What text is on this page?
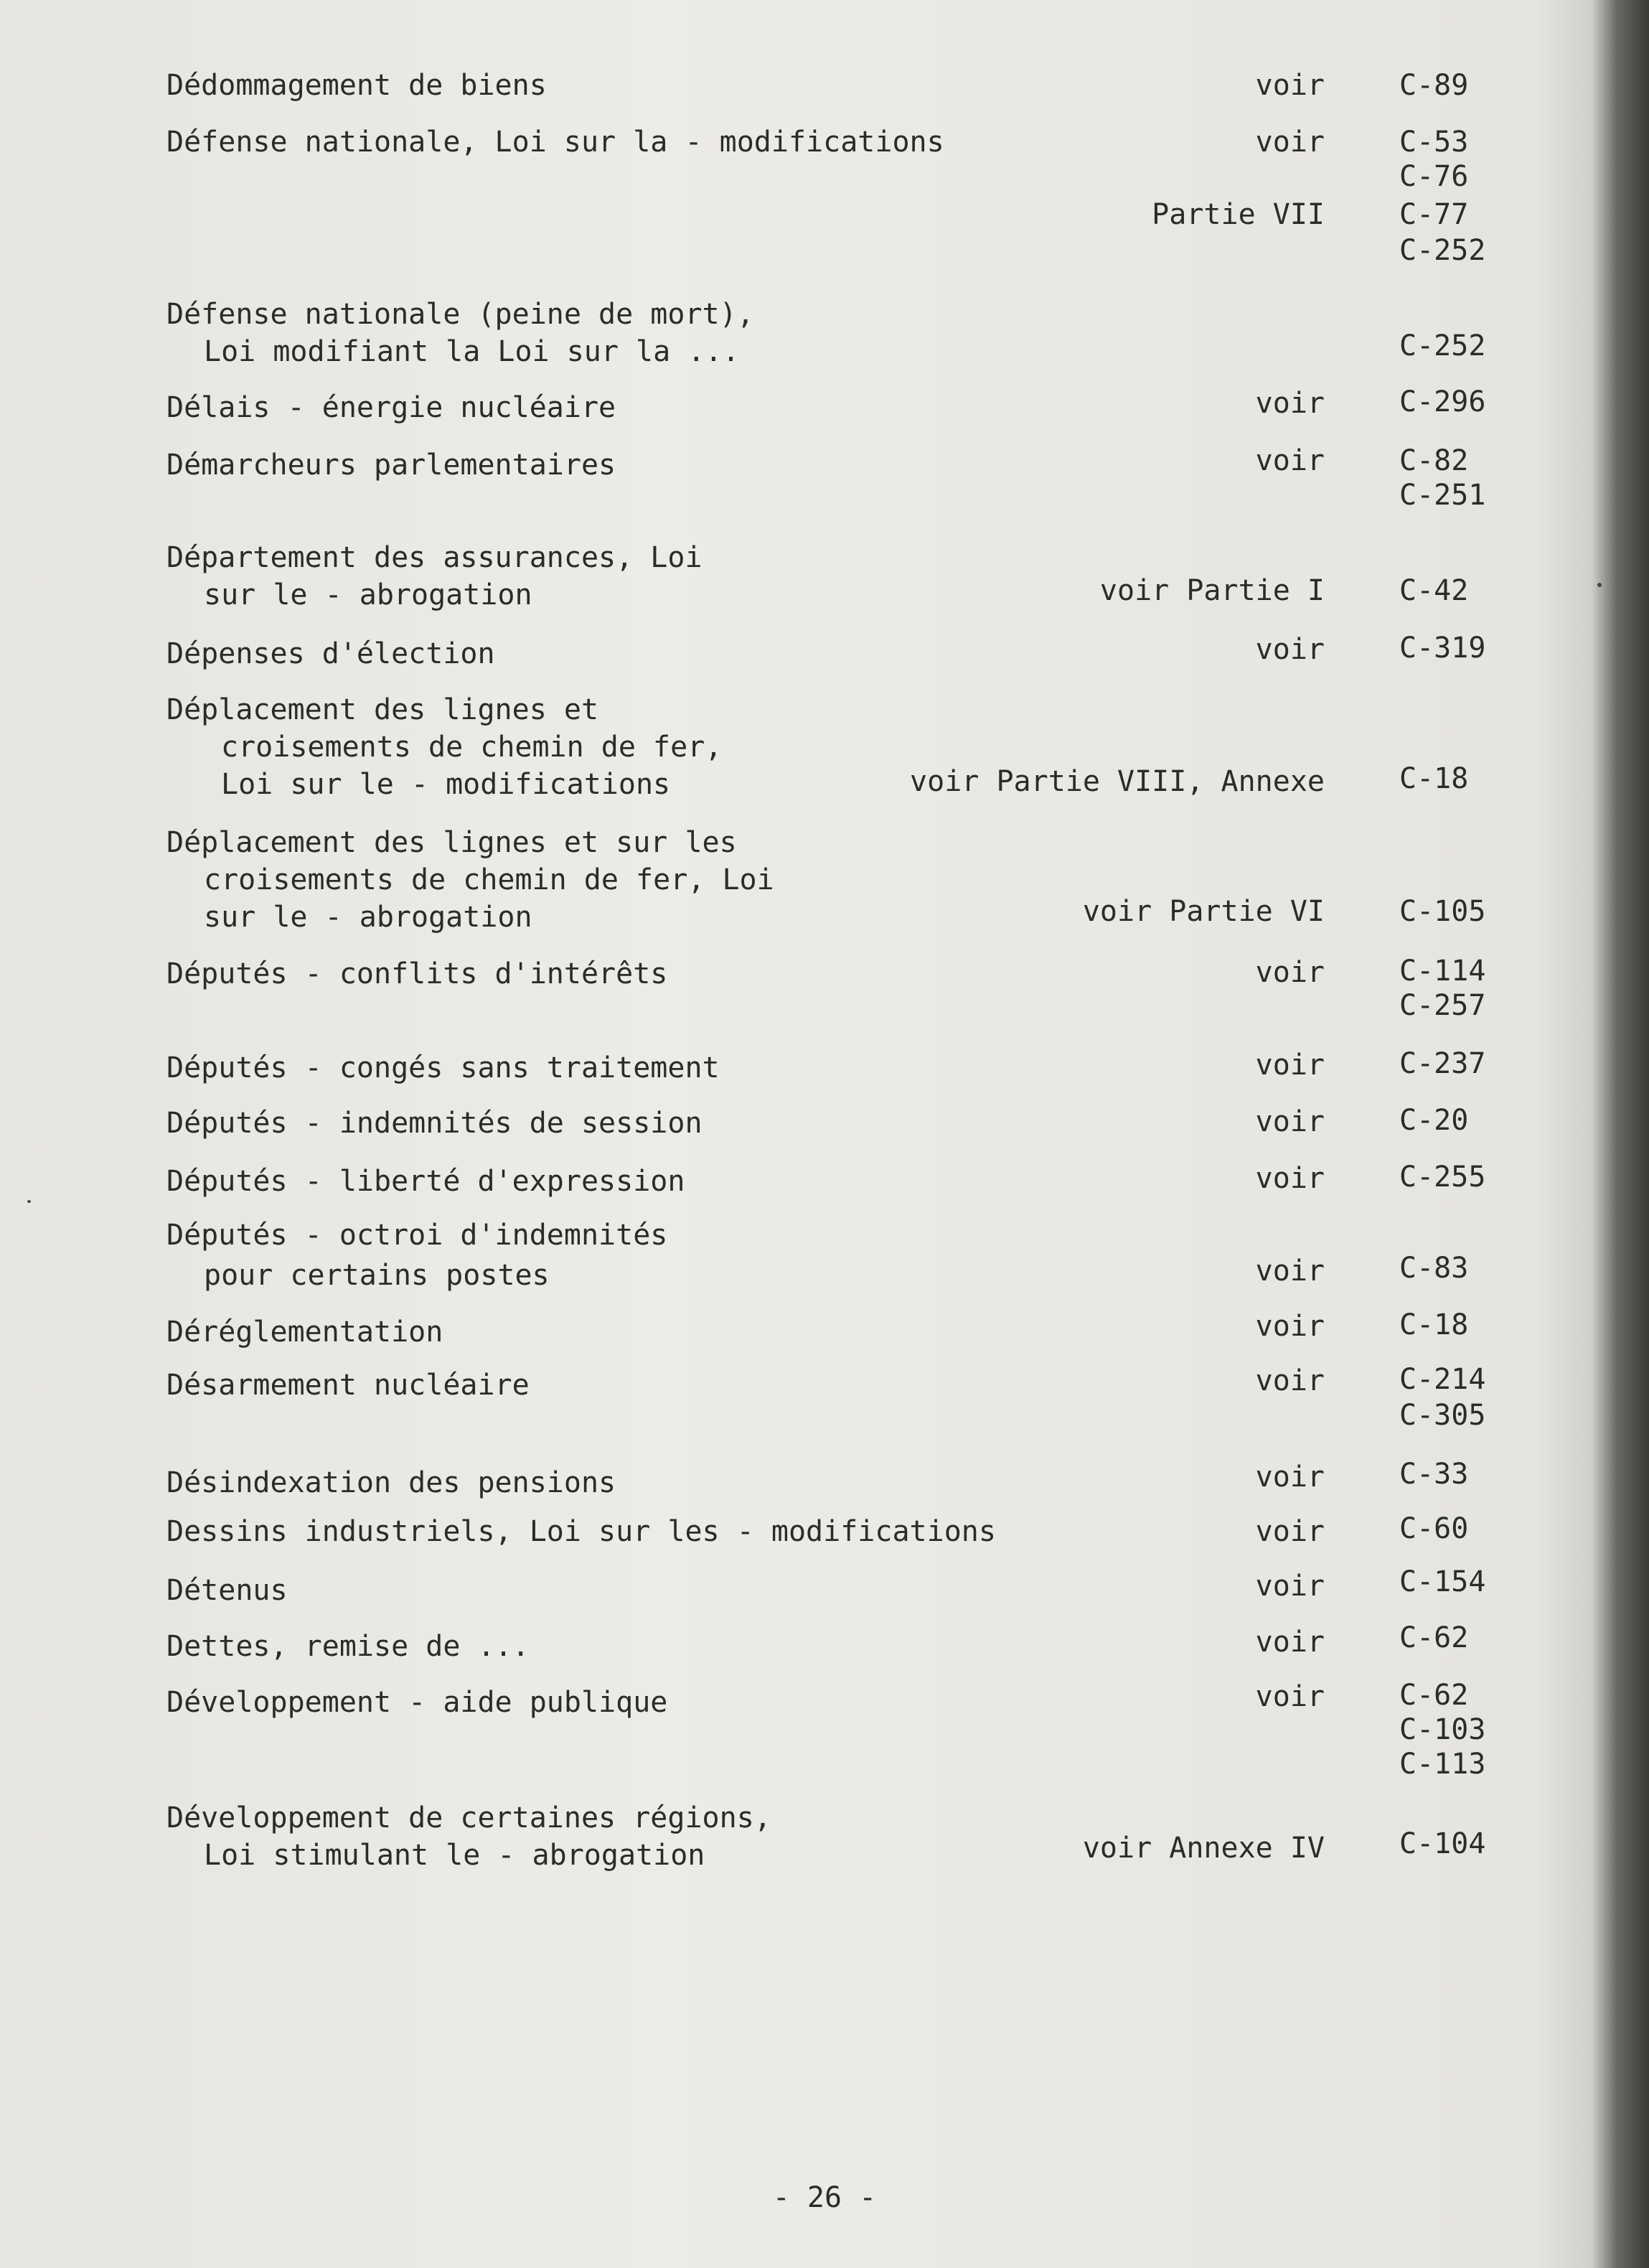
Dédommagement de biens	voir	C-89
Défense nationale, Loi sur la - modifications	voir	C-53
C-76
Partie VII	C-77
C-252
Défense nationale (peine de mort),
Loi modifiant la Loi sur la ...	C-252
Délais - énergie nucléaire	voir	C-296
Démarcheurs parlementaires	voir	C-82
C-251
Département des assurances, Loi
sur le - abrogation	voir Partie I	C-42
Dépenses d'élection	voir	C-319
Déplacement des lignes et
croisements de chemin de fer,
Loi sur le - modifications	voir Partie VIII, Annexe	C-18
Déplacement des lignes et sur les
croisements de chemin de fer, Loi
sur le - abrogation	voir Partie VI	C-105
Députés - conflits d'intérêts	voir	C-114
C-257
Députés - congés sans traitement	voir	C-237
Députés - indemnités de session	voir	C-20
Députés - liberté d'expression	voir	C-255
Députés - octroi d'indemnités
pour certains postes	voir	C-83
Déréglementation	voir	C-18
Désarmement nucléaire	voir	C-214
C-305
Désindexation des pensions	voir	C-33
Dessins industriels, Loi sur les - modifications	voir	C-60
Détenus	voir	C-154
Dettes, remise de ...	voir	C-62
Développement - aide publique	voir	C-62
C-103
C-113
Développement de certaines régions,
Loi stimulant le - abrogation	voir Annexe IV	C-104
- 26 -
